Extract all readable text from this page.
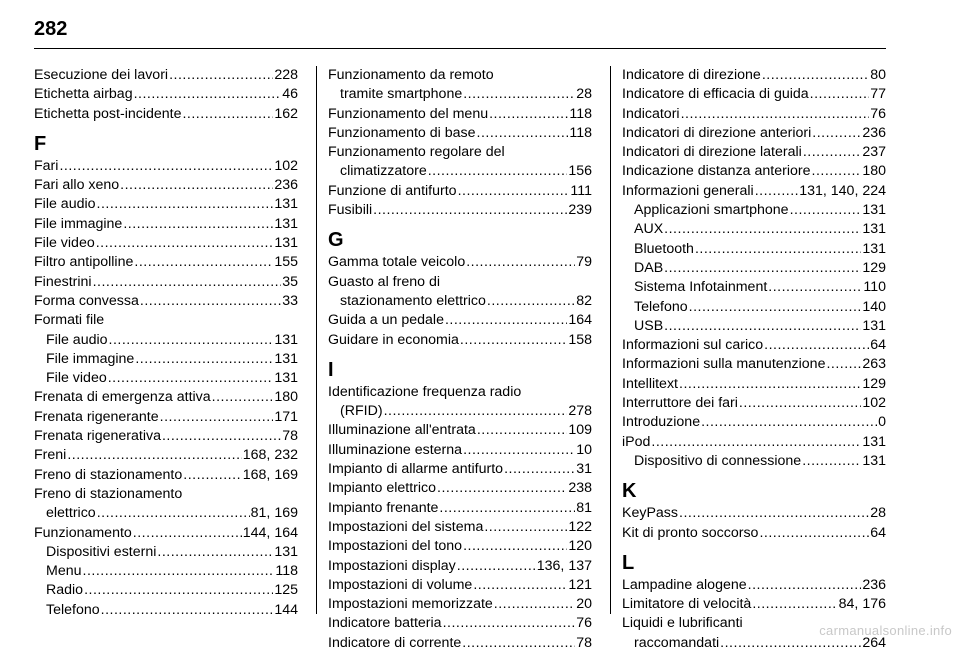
282
Esecuzione dei lavori .....	228
Etichetta airbag .....	46
Etichetta post-incidente .....	162
F
Fari .....	102
Fari allo xeno .....	236
File audio .....	131
File immagine .....	131
File video .....	131
Filtro antipolline .....	155
Finestrini .....	35
Forma convessa .....	33
Formati file
File audio .....	131
File immagine .....	131
File video .....	131
Frenata di emergenza attiva .....	180
Frenata rigenerante .....	171
Frenata rigenerativa .....	78
Freni .....	168, 232
Freno di stazionamento .....	168, 169
Freno di stazionamento
elettrico .....	81, 169
Funzionamento .....	144, 164
Dispositivi esterni .....	131
Menu .....	118
Radio .....	125
Telefono .....	144
Funzionamento da remoto
tramite smartphone .....	28
Funzionamento del menu .....	118
Funzionamento di base .....	118
Funzionamento regolare del
climatizzatore .....	156
Funzione di antifurto .....	111
Fusibili .....	239
G
Gamma totale veicolo .....	79
Guasto al freno di
stazionamento elettrico .....	82
Guida a un pedale .....	164
Guidare in economia .....	158
I
Identificazione frequenza radio
(RFID) .....	278
Illuminazione all'entrata .....	109
Illuminazione esterna .....	10
Impianto di allarme antifurto .....	31
Impianto elettrico .....	238
Impianto frenante .....	81
Impostazioni del sistema .....	122
Impostazioni del tono .....	120
Impostazioni display .....	136, 137
Impostazioni di volume .....	121
Impostazioni memorizzate .....	20
Indicatore batteria .....	76
Indicatore di corrente .....	78
Indicatore di direzione .....	80
Indicatore di efficacia di guida .....	77
Indicatori .....	76
Indicatori di direzione anteriori .....	236
Indicatori di direzione laterali .....	237
Indicazione distanza anteriore .....	180
Informazioni generali .....	131, 140, 224
Applicazioni smartphone .....	131
AUX .....	131
Bluetooth .....	131
DAB .....	129
Sistema Infotainment .....	110
Telefono .....	140
USB .....	131
Informazioni sul carico .....	64
Informazioni sulla manutenzione .....	263
Intellitext .....	129
Interruttore dei fari .....	102
Introduzione .....	0
iPod .....	131
Dispositivo di connessione .....	131
K
KeyPass .....	28
Kit di pronto soccorso .....	64
L
Lampadine alogene .....	236
Limitatore di velocità .....	84, 176
Liquidi e lubrificanti
raccomandati .....	264
carmanualsonline.info
